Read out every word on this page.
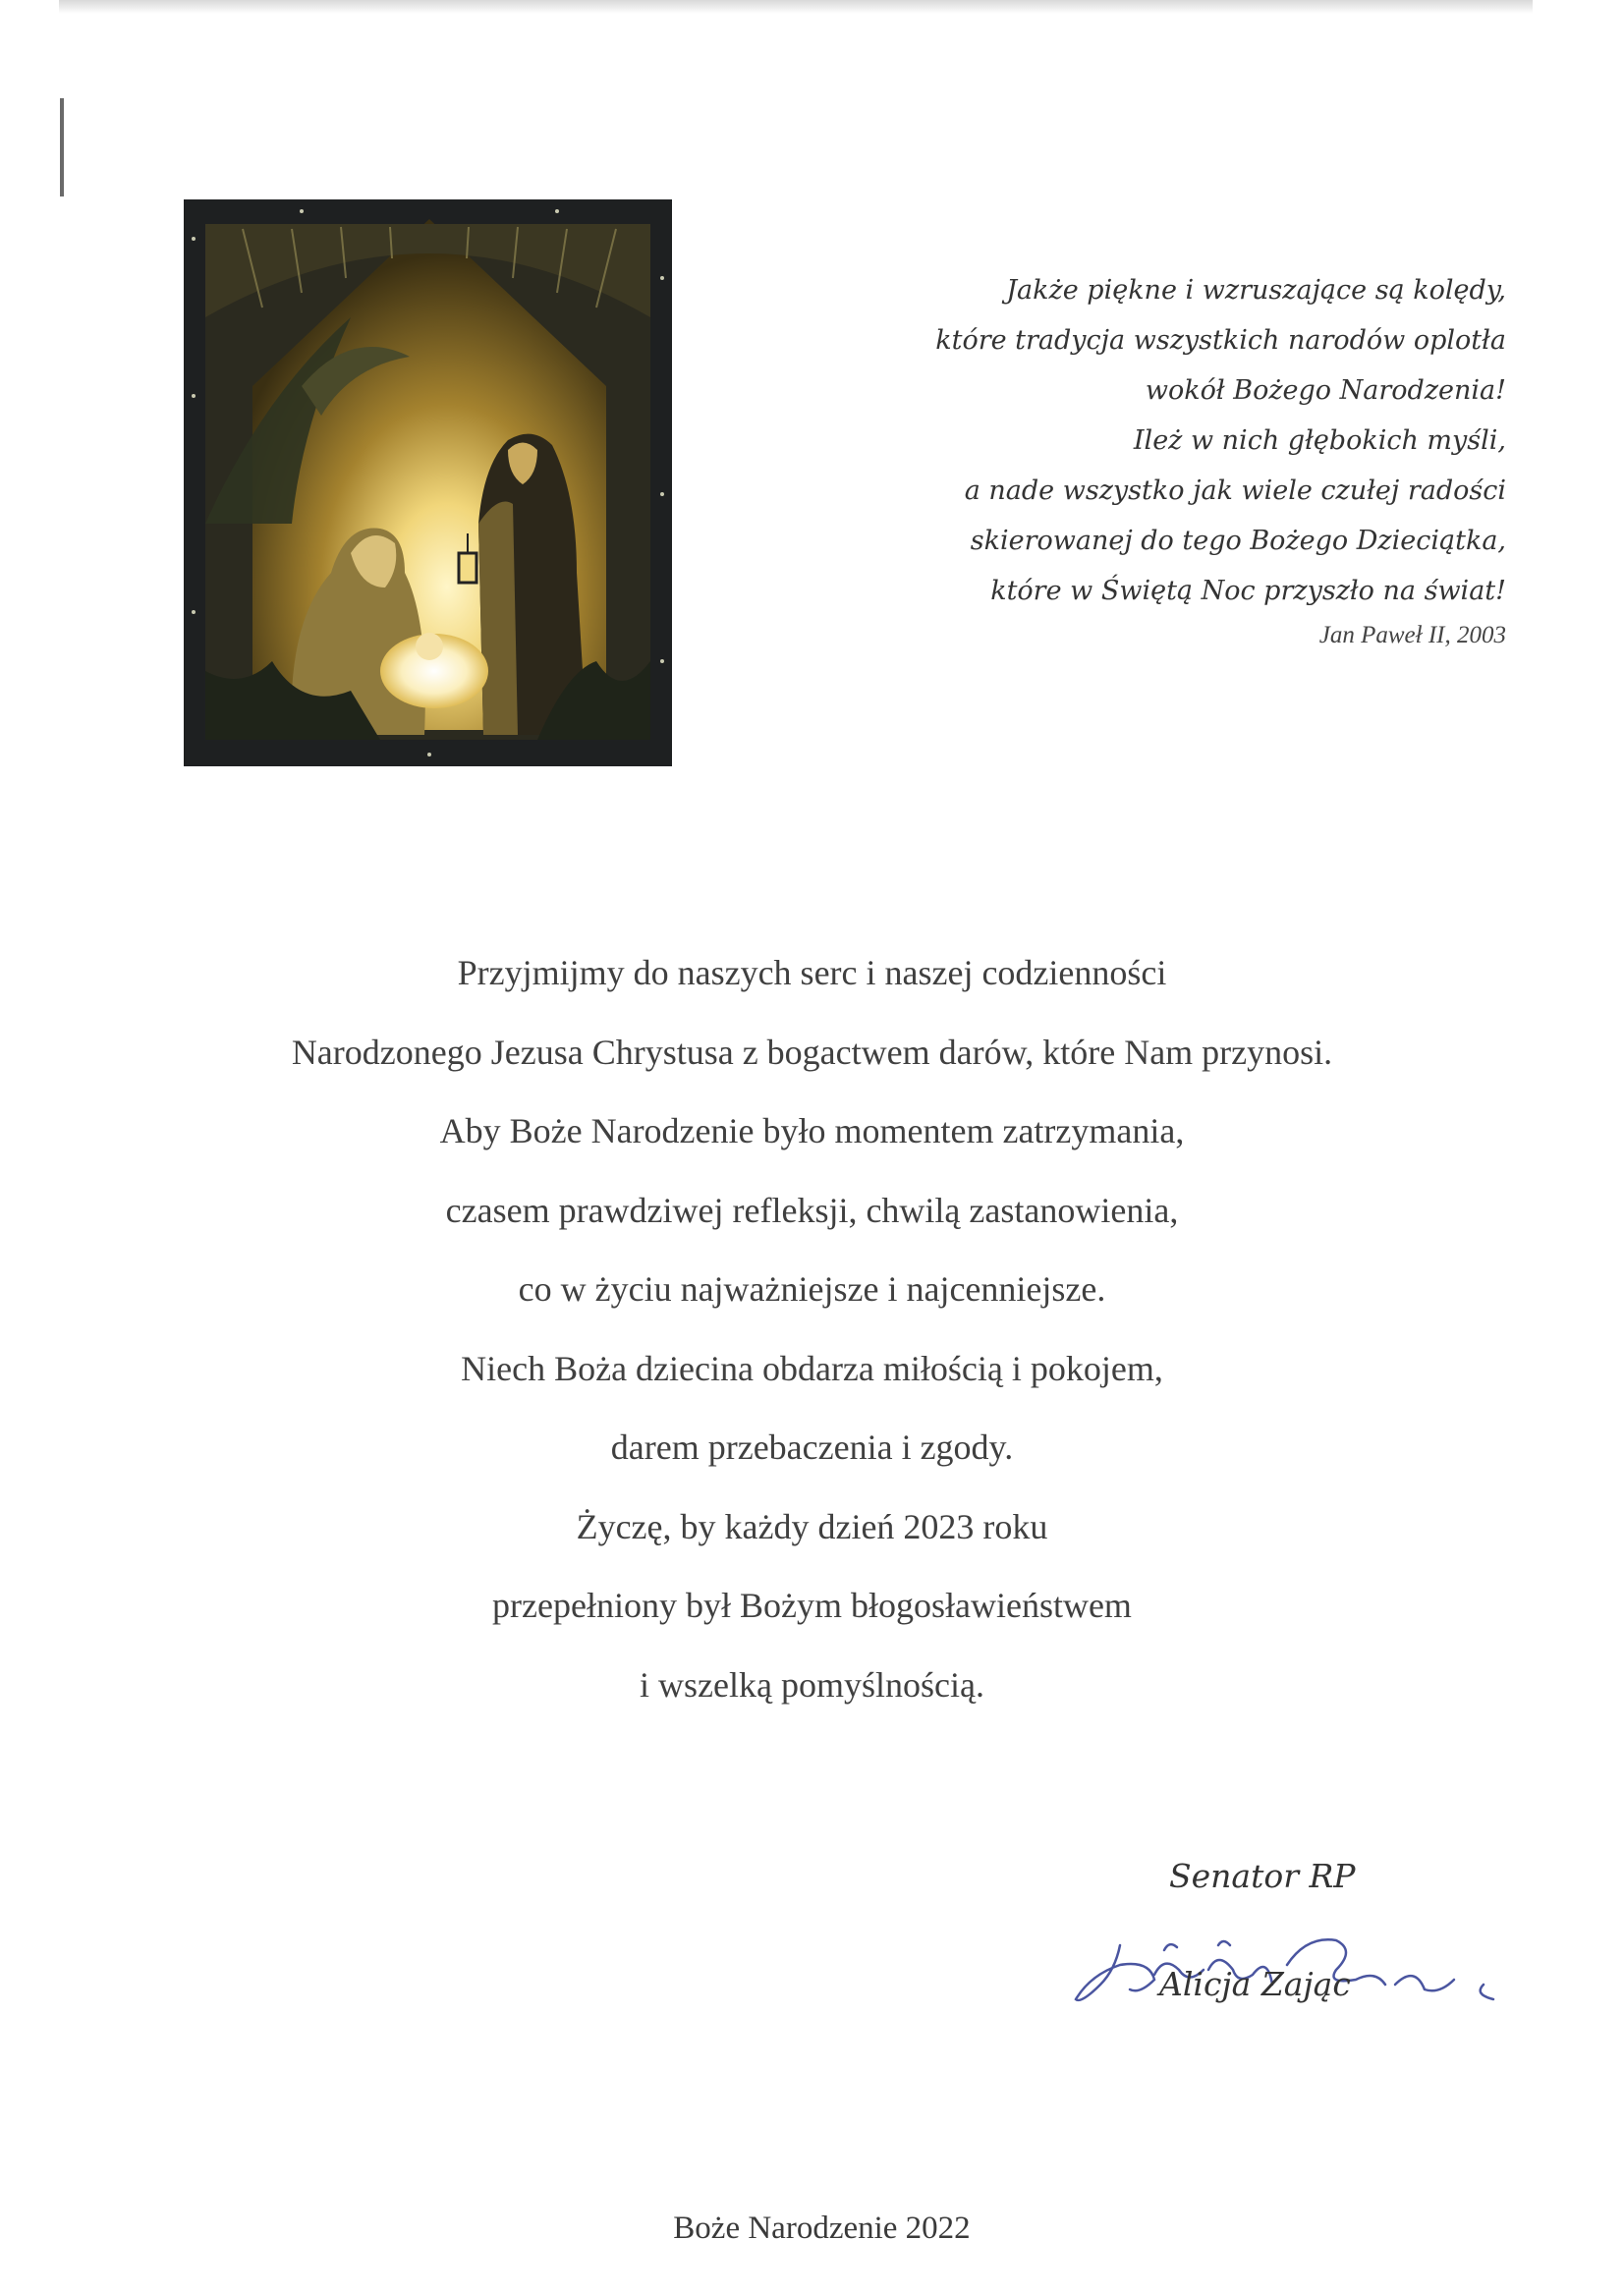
Jakże piękne i wzruszające są kolędy,
które tradycja wszystkich narodów oplotła
wokół Bożego Narodzenia!
Ileż w nich głębokich myśli,
a nade wszystko jak wiele czułej radości
skierowanej do tego Bożego Dzieciątka,
które w Świętą Noc przyszło na świat!
Jan Paweł II, 2003
Przyjmijmy do naszych serc i naszej codzienności
Narodzonego Jezusa Chrystusa z bogactwem darów, które Nam przynosi.
Aby Boże Narodzenie było momentem zatrzymania,
czasem prawdziwej refleksji, chwilą zastanowienia,
co w życiu najważniejsze i najcenniejsze.
Niech Boża dziecina obdarza miłością i pokojem,
darem przebaczenia i zgody.
Życzę, by każdy dzień 2023 roku
przepełniony był Bożym błogosławieństwem
i wszelką pomyślnością.
Senator RP
Alicja Zając
Boże Narodzenie 2022
